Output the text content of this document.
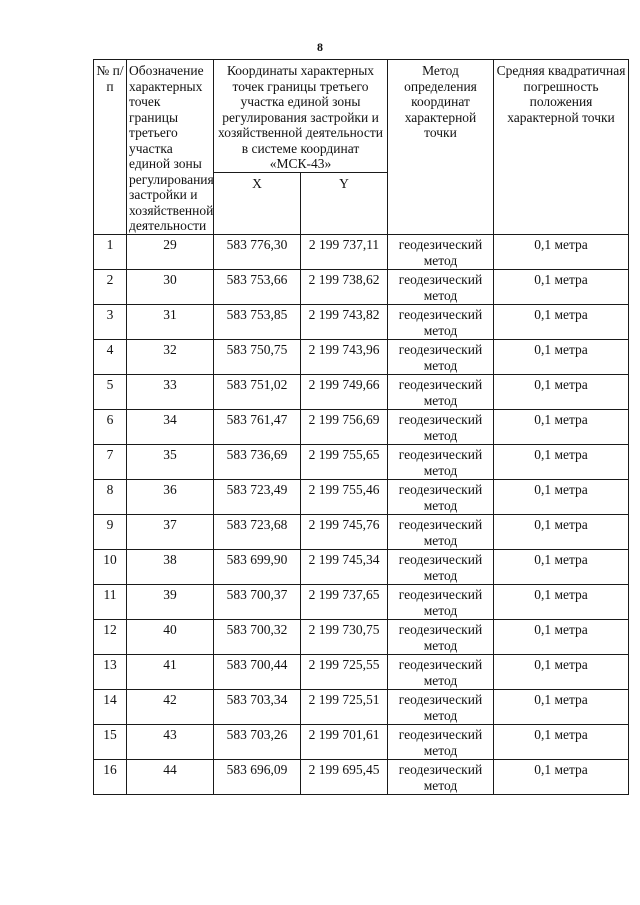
8
№ п/п	Обозначение характерных точек границы третьего участка единой зоны регулирования застройки и хозяйственной деятельности	Координаты характерных точек границы третьего участка единой зоны регулирования застройки и хозяйственной деятельности в системе координат «МСК-43»		Метод определения координат характерной точки	Средняя квадратичная погрешность положения характерной точки
		X	Y		
1	29	583 776,30	2 199 737,11	геодезический метод	0,1 метра
2	30	583 753,66	2 199 738,62	геодезический метод	0,1 метра
3	31	583 753,85	2 199 743,82	геодезический метод	0,1 метра
4	32	583 750,75	2 199 743,96	геодезический метод	0,1 метра
5	33	583 751,02	2 199 749,66	геодезический метод	0,1 метра
6	34	583 761,47	2 199 756,69	геодезический метод	0,1 метра
7	35	583 736,69	2 199 755,65	геодезический метод	0,1 метра
8	36	583 723,49	2 199 755,46	геодезический метод	0,1 метра
9	37	583 723,68	2 199 745,76	геодезический метод	0,1 метра
10	38	583 699,90	2 199 745,34	геодезический метод	0,1 метра
11	39	583 700,37	2 199 737,65	геодезический метод	0,1 метра
12	40	583 700,32	2 199 730,75	геодезический метод	0,1 метра
13	41	583 700,44	2 199 725,55	геодезический метод	0,1 метра
14	42	583 703,34	2 199 725,51	геодезический метод	0,1 метра
15	43	583 703,26	2 199 701,61	геодезический метод	0,1 метра
16	44	583 696,09	2 199 695,45	геодезический метод	0,1 метра
